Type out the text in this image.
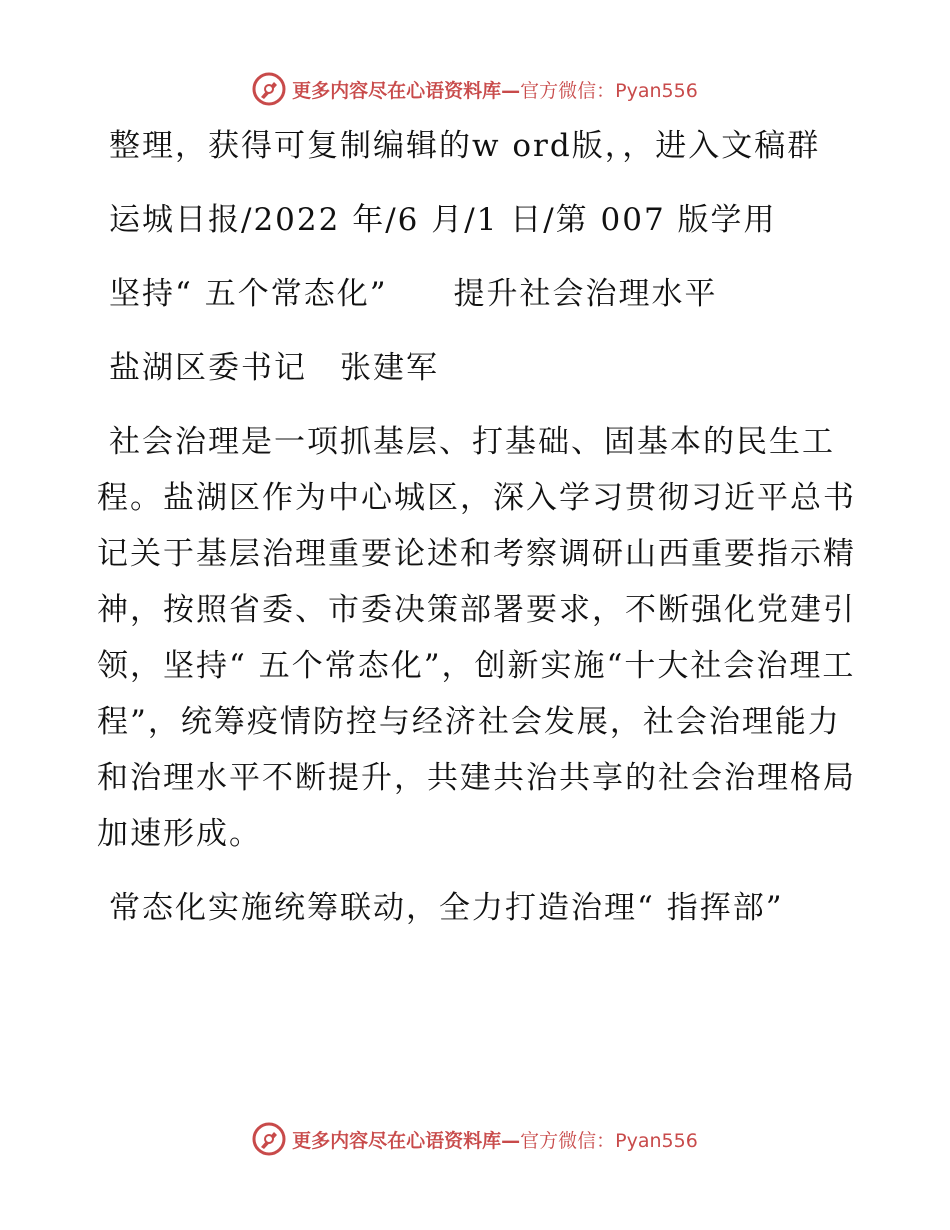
更多内容尽在心语资料库—官方微信：Pyan556

整理，获得可复制编辑的w ord版，，进入文稿群

运城日报/2022 年/6 月/1 日/第 007 版学用

坚持“ 五个常态化”　　提升社会治理水平

盐湖区委书记　张建军

社会治理是一项抓基层、打基础、固基本的民生工程。盐湖区作为中心城区，深入学习贯彻习近平总书记关于基层治理重要论述和考察调研山西重要指示精神，按照省委、市委决策部署要求，不断强化党建引领，坚持“ 五个常态化”，创新实施“十大社会治理工程”，统筹疫情防控与经济社会发展，社会治理能力和治理水平不断提升，共建共治共享的社会治理格局加速形成。

常态化实施统筹联动，全力打造治理“ 指挥部”

更多内容尽在心语资料库—官方微信：Pyan556
